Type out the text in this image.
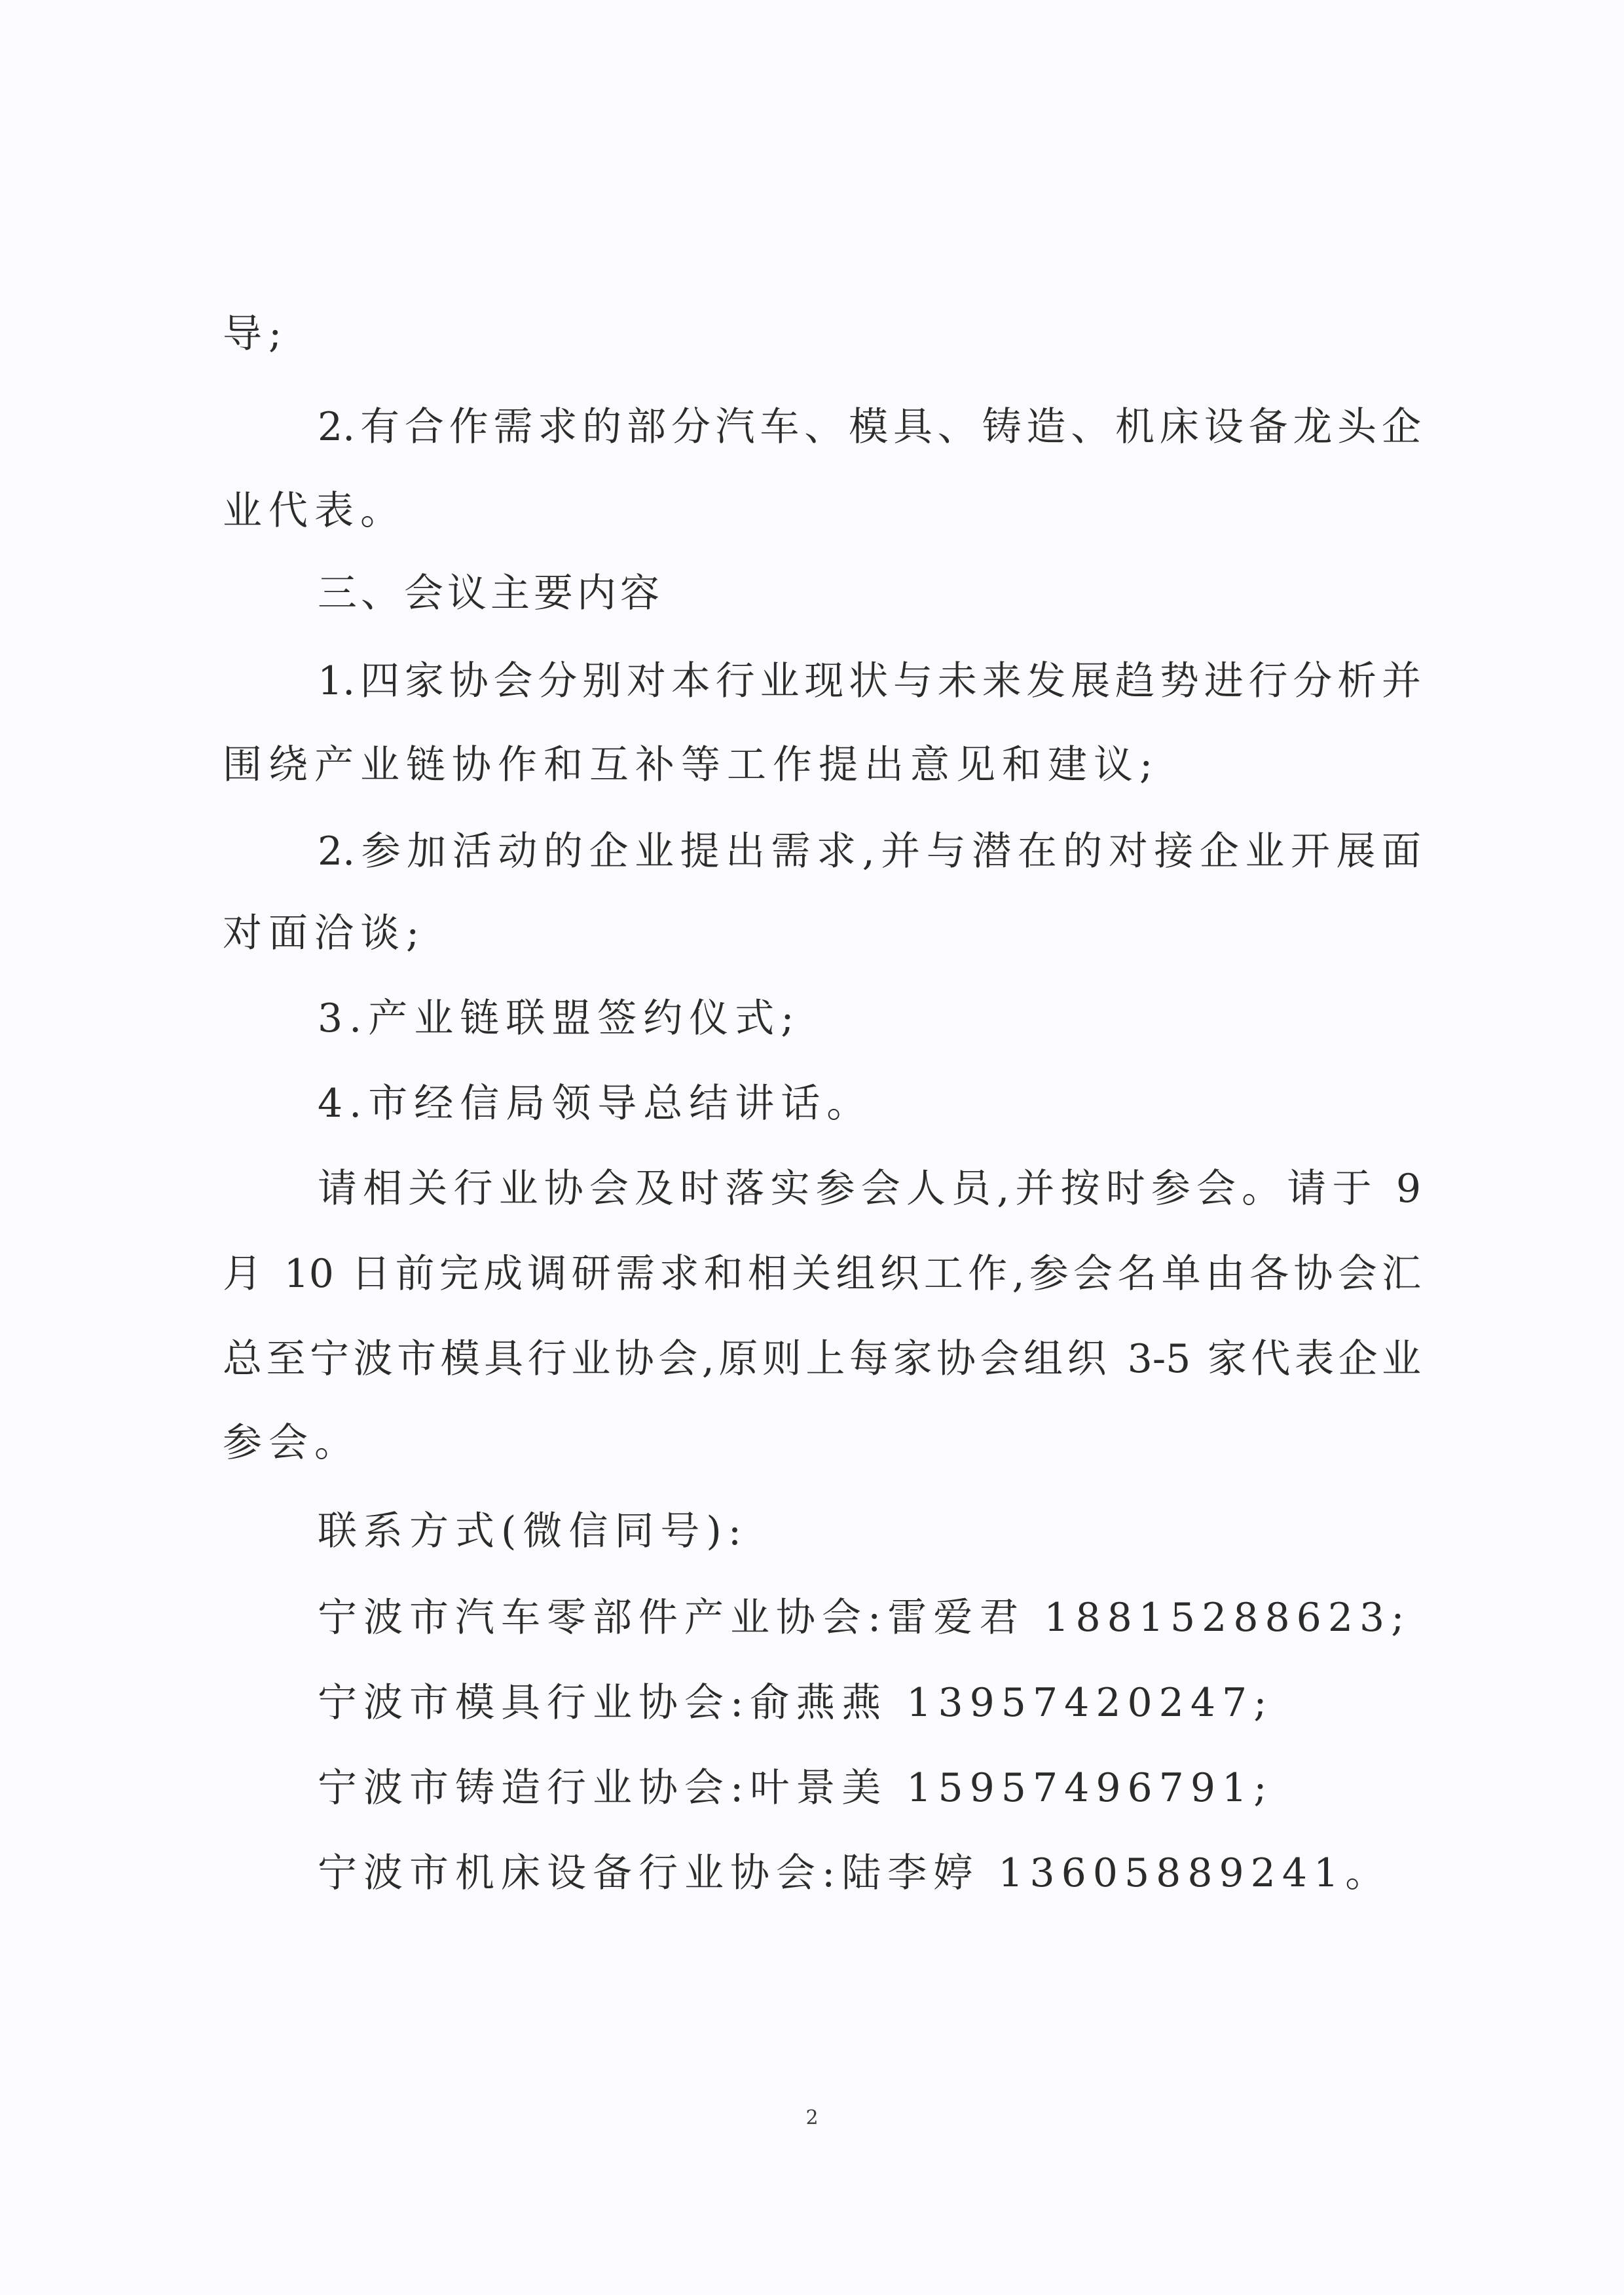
导;
2.有合作需求的部分汽车、模具、铸造、机床设备龙头企
业代表。
三、会议主要内容
1.四家协会分别对本行业现状与未来发展趋势进行分析并
围绕产业链协作和互补等工作提出意见和建议;
2.参加活动的企业提出需求,并与潜在的对接企业开展面
对面洽谈;
3.产业链联盟签约仪式;
4.市经信局领导总结讲话。
请相关行业协会及时落实参会人员,并按时参会。请于 9
月 10 日前完成调研需求和相关组织工作,参会名单由各协会汇
总至宁波市模具行业协会,原则上每家协会组织 3-5 家代表企业
参会。
联系方式(微信同号):
宁波市汽车零部件产业协会:雷爱君 18815288623;
宁波市模具行业协会:俞燕燕 13957420247;
宁波市铸造行业协会:叶景美 15957496791;
宁波市机床设备行业协会:陆李婷 13605889241。
2
